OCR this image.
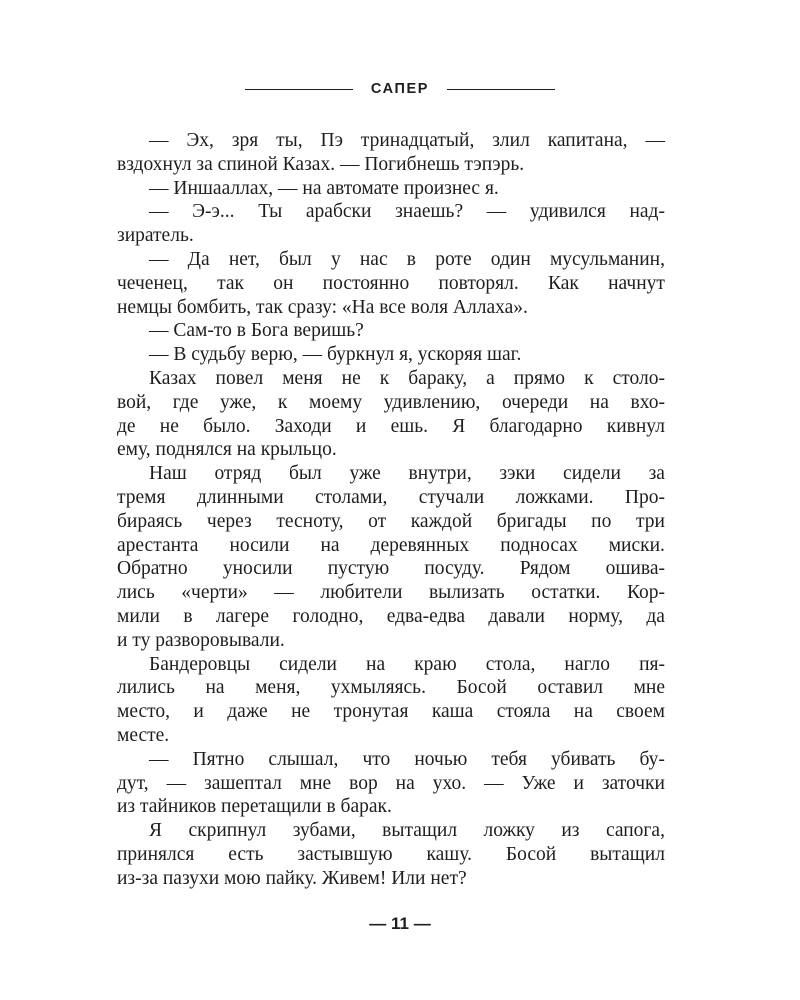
САПЕР
— Эх, зря ты, Пэ тринадцатый, злил капитана, —
вздохнул за спиной Казах. — Погибнешь тэпэрь.
— Иншааллах, — на автомате произнес я.
— Э-э... Ты арабски знаешь? — удивился над-
зиратель.
— Да нет, был у нас в роте один мусульманин,
чеченец, так он постоянно повторял. Как начнут
немцы бомбить, так сразу: «На все воля Аллаха».
— Сам-то в Бога веришь?
— В судьбу верю, — буркнул я, ускоряя шаг.
Казах повел меня не к бараку, а прямо к столо-
вой, где уже, к моему удивлению, очереди на вхо-
де не было. Заходи и ешь. Я благодарно кивнул
ему, поднялся на крыльцо.
Наш отряд был уже внутри, зэки сидели за
тремя длинными столами, стучали ложками. Про-
бираясь через тесноту, от каждой бригады по три
арестанта носили на деревянных подносах миски.
Обратно уносили пустую посуду. Рядом ошива-
лись «черти» — любители вылизать остатки. Кор-
мили в лагере голодно, едва-едва давали норму, да
и ту разворовывали.
Бандеровцы сидели на краю стола, нагло пя-
лились на меня, ухмыляясь. Босой оставил мне
место, и даже не тронутая каша стояла на своем
месте.
— Пятно слышал, что ночью тебя убивать бу-
дут, — зашептал мне вор на ухо. — Уже и заточки
из тайников перетащили в барак.
Я скрипнул зубами, вытащил ложку из сапога,
принялся есть застывшую кашу. Босой вытащил
из-за пазухи мою пайку. Живем! Или нет?
— 11 —
